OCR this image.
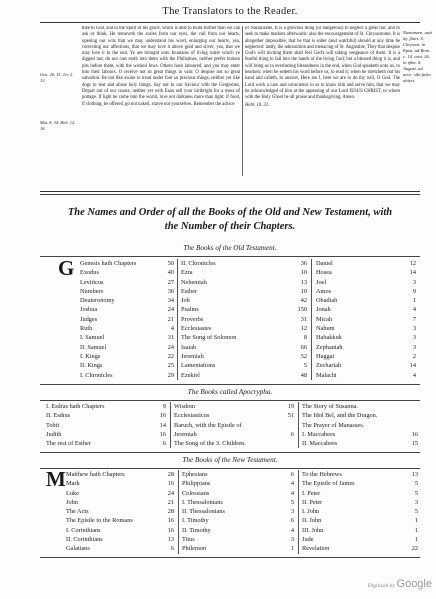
The Translators to the Reader.
Gen. 26. 15. Jer. 2. 13.
Mat. 8. 34. Heb. 12. 16.
thee to God, and to the Spirit of his grace, which is able to build further than we can ask or think. He removeth the scales from our eyes, the vail from our hearts, opening our wits that we may understand his word, enlarging our hearts, yea, correcting our affections, that we may love it above gold and silver, yea, that we may love it to the end. Ye are brought unto fountains of living water which ye digged not; do not cast earth into them with the Philistines, neither prefer broken pits before them, with the wicked Jews. Others have laboured, and you may enter into their labours. O receive not so great things in vain: O despise not so great salvation. Be not like swine to tread under foot so precious things, neither yet like dogs to tear and abuse holy things. Say not to our Saviour with the Gergesites, Depart out of our coasts; neither yet with Esau sell your birthright for a mess of pottage. If light be come into the world, love not darkness more than light: if food, if clothing, be offered, go not naked, starve not yourselves. Remember the advice
of Nazianzene, It is a grievous thing (or dangerous) to neglect a great fair, and to seek to make markets afterwards: also the encouragement of St. Chrysostome, It is altogether impossible, that he that is sober (and watchful) should at any time be neglected: lastly, the admonition and menacing of St. Augustine, They that despise God's will inviting them shall feel God's will taking vengeance of them. It is a fearful thing to fall into the hands of the living God; but a blessed thing it is, and will bring us to everlasting blessedness in the end, when God speaketh unto us, to hearken; when he setteth his word before us, to read it; when he stretcheth out his hand and calleth, to answer, Here am I, here we are to do thy will, O God. The Lord work a care and conscience in us to know him and serve him, that we may be acknowledged of him at the appearing of our Lord JESUS CHRIST, to whom with the Holy Ghost be all praise and thanksgiving. Amen.
Hebr. 10. 31.
Nazianzen. περὶ ἁγ. βάπτ. S. Chrysost. in Epist. ad Rom. c. 14. orat. 26. in ἡθικ. S. August. ad artic. sibi falso obiect.
The Names and Order of all the Books of the Old and New Testament, with the Number of their Chapters.
The Books of the Old Testament.
G Genesis hath Chapters	50
Exodus	40
Leviticus	27
Numbers	36
Deuteronomy	34
Joshua	24
Judges	21
Ruth	4
I. Samuel	31
II. Samuel	24
I. Kings	22
II. Kings	25
I. Chronicles	29
II. Chronicles	36
Ezra	10
Nehemiah	13
Esther	10
Job	42
Psalms	150
Proverbs	31
Ecclesiastes	12
The Song of Solomon	8
Isaiah	66
Jeremiah	52
Lamentations	5
Ezekiel	48
Daniel	12
Hosea	14
Joel	3
Amos	9
Obadiah	1
Jonah	4
Micah	7
Nahum	3
Habakkuk	3
Zephaniah	3
Haggai	2
Zechariah	14
Malachi	4
The Books called Apocrypha.
I. Esdras hath Chapters	9
II. Esdras	16
Tobit	14
Judith	16
The rest of Esther	6
Wisdom	19
Ecclesiasticus	51
Baruch, with the Epistle of
Jeremiah	6
The Song of the 3. Children.
The Story of Susanna.
The Idol Bel, and the Dragon.
The Prayer of Manasses.
I. Maccabees	16
II. Maccabees	15
The Books of the New Testament.
M Matthew hath Chapters	28
Mark	16
Luke	24
John	21
The Acts	28
The Epistle to the Romans	16
I. Corinthians	16
II. Corinthians	13
Galatians	6
Ephesians	6
Philippians	4
Colossians	4
I. Thessalonians	5
II. Thessalonians	3
I. Timothy	6
II. Timothy	4
Titus	3
Philemon	1
To the Hebrews	13
The Epistle of James	5
I. Peter	5
II. Peter	3
I. John	5
II. John	1
III. John	1
Jude	1
Revelation	22
Digitized by Google
